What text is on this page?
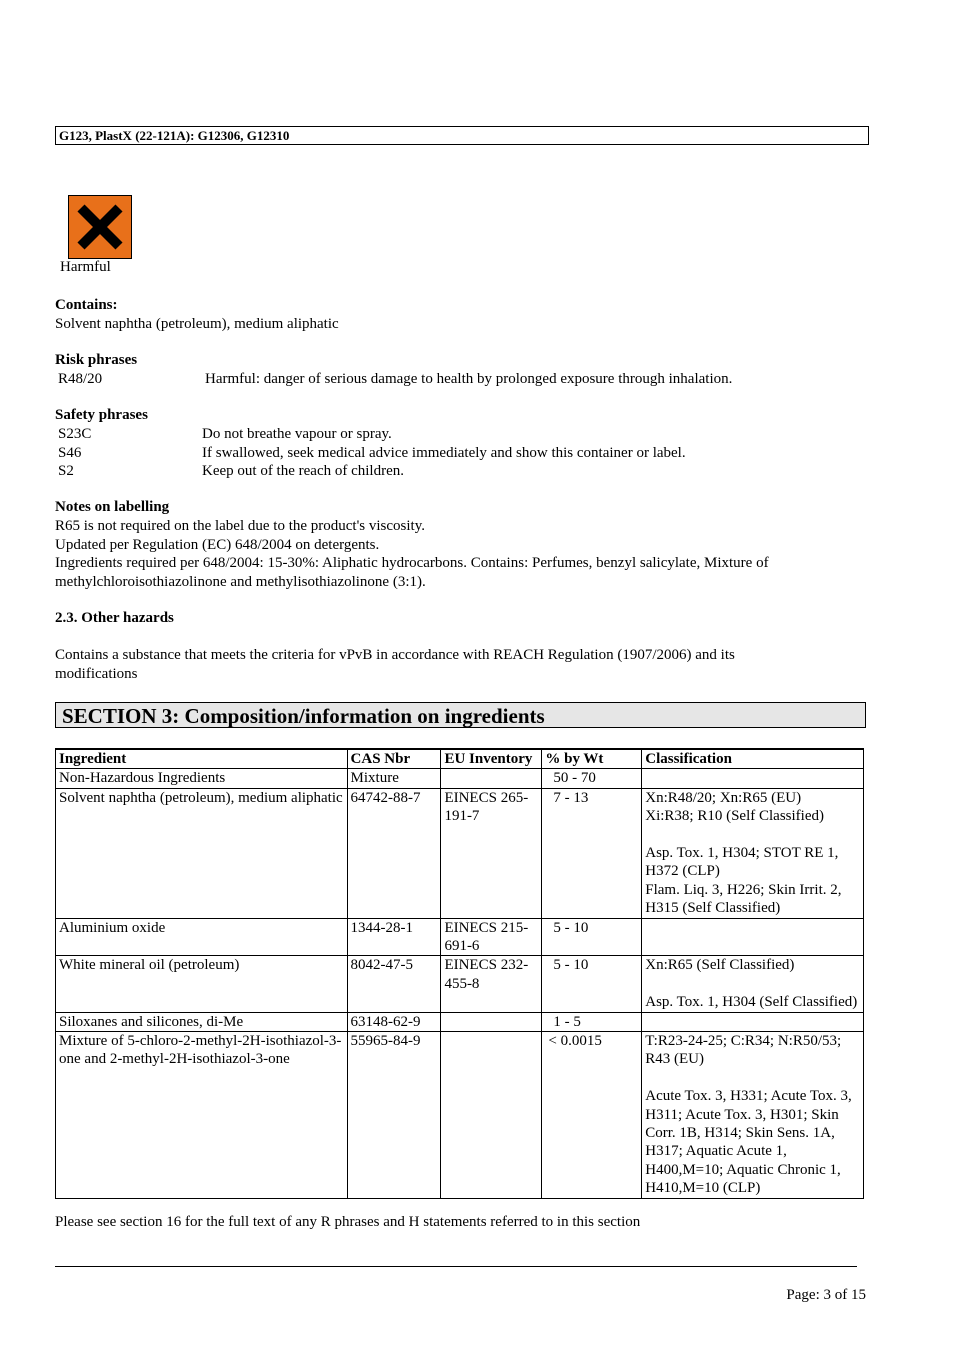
G123, PlastX (22-121A): G12306, G12310
Harmful
Contains:
Solvent naphtha (petroleum), medium aliphatic
Risk phrases
R48/20	Harmful: danger of serious damage to health by prolonged exposure through inhalation.
Safety phrases
S23C	Do not breathe vapour or spray.
S46	If swallowed, seek medical advice immediately and show this container or label.
S2	Keep out of the reach of children.
Notes on labelling
R65 is not required on the label due to the product's viscosity.
Updated per Regulation (EC) 648/2004 on detergents.
Ingredients required per 648/2004: 15-30%: Aliphatic hydrocarbons. Contains: Perfumes, benzyl salicylate, Mixture of
methylchloroisothiazolinone and methylisothiazolinone (3:1).
2.3. Other hazards
Contains a substance that meets the criteria for vPvB in accordance with REACH Regulation (1907/2006) and its
modifications
SECTION 3: Composition/information on ingredients
Ingredient	CAS Nbr	EU Inventory	% by Wt	Classification
Non-Hazardous Ingredients	Mixture		50 - 70	
Solvent naphtha (petroleum), medium aliphatic	64742-88-7	EINECS 265-191-7	7 - 13	Xn:R48/20; Xn:R65 (EU)
Xi:R38; R10 (Self Classified)
Asp. Tox. 1, H304; STOT RE 1, H372 (CLP)
Flam. Liq. 3, H226; Skin Irrit. 2, H315 (Self Classified)

Aluminium oxide	1344-28-1	EINECS 215-691-6	5 - 10	
White mineral oil (petroleum)	8042-47-5	EINECS 232-455-8	5 - 10	Xn:R65 (Self Classified)
Asp. Tox. 1, H304 (Self Classified)

Siloxanes and silicones, di-Me	63148-62-9		1 - 5	
Mixture of 5-chloro-2-methyl-2H-isothiazol-3-one and 2-methyl-2H-isothiazol-3-one	55965-84-9		< 0.0015	T:R23-24-25; C:R34; N:R50/53; R43 (EU)
Acute Tox. 3, H331; Acute Tox. 3, H311; Acute Tox. 3, H301; Skin Corr. 1B, H314; Skin Sens. 1A, H317; Aquatic Acute 1, H400,M=10; Aquatic Chronic 1, H410,M=10 (CLP)
Please see section 16 for the full text of any R phrases and H statements referred to in this section
Page: 3 of 15
